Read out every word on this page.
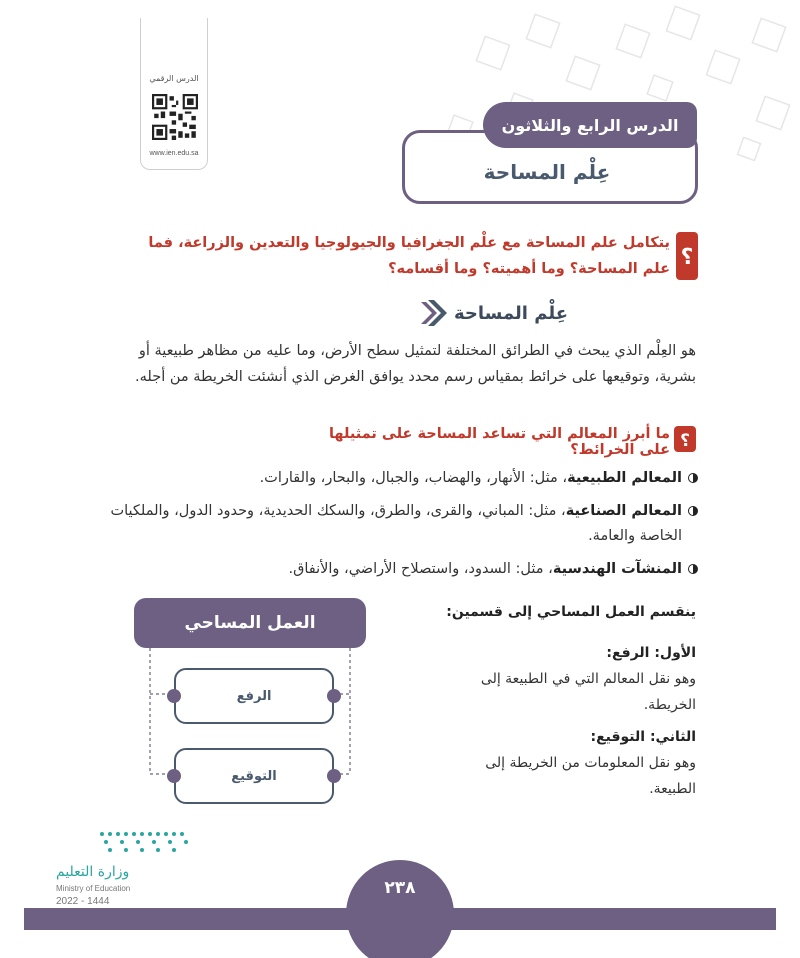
الدرس الرقمي
www.ien.edu.sa
الدرس الرابع والثلاثون
عِلْم المساحة
؟
يتكامل علم المساحة مع علْم الجغرافيا والجيولوجيا والتعدين والزراعة، فما علم المساحة؟ وما أهميته؟ وما أقسامه؟
عِلْم المساحة
هو العِلْم الذي يبحث في الطرائق المختلفة لتمثيل سطح الأرض، وما عليه من مظاهر طبيعية أو بشرية، وتوقيعها على خرائط بمقياس رسم محدد يوافق الغرض الذي أنشئت الخريطة من أجله.
؟
ما أبرز المعالم التي تساعد المساحة على تمثيلها على الخرائط؟
المعالم الطبيعية، مثل: الأنهار، والهضاب، والجبال، والبحار، والقارات.
المعالم الصناعية، مثل: المباني، والقرى، والطرق، والسكك الحديدية، وحدود الدول، والملكيات الخاصة والعامة.
المنشآت الهندسية، مثل: السدود، واستصلاح الأراضي، والأنفاق.
العمل المساحي
الرفع
التوقيع
ينقسم العمل المساحي إلى قسمين:
الأول: الرفع:
وهو نقل المعالم التي في الطبيعة إلى الخريطة.
الثاني: التوقيع:
وهو نقل المعلومات من الخريطة إلى الطبيعة.
وزارة التعليم
Ministry of Education
2022 - 1444
٢٣٨
